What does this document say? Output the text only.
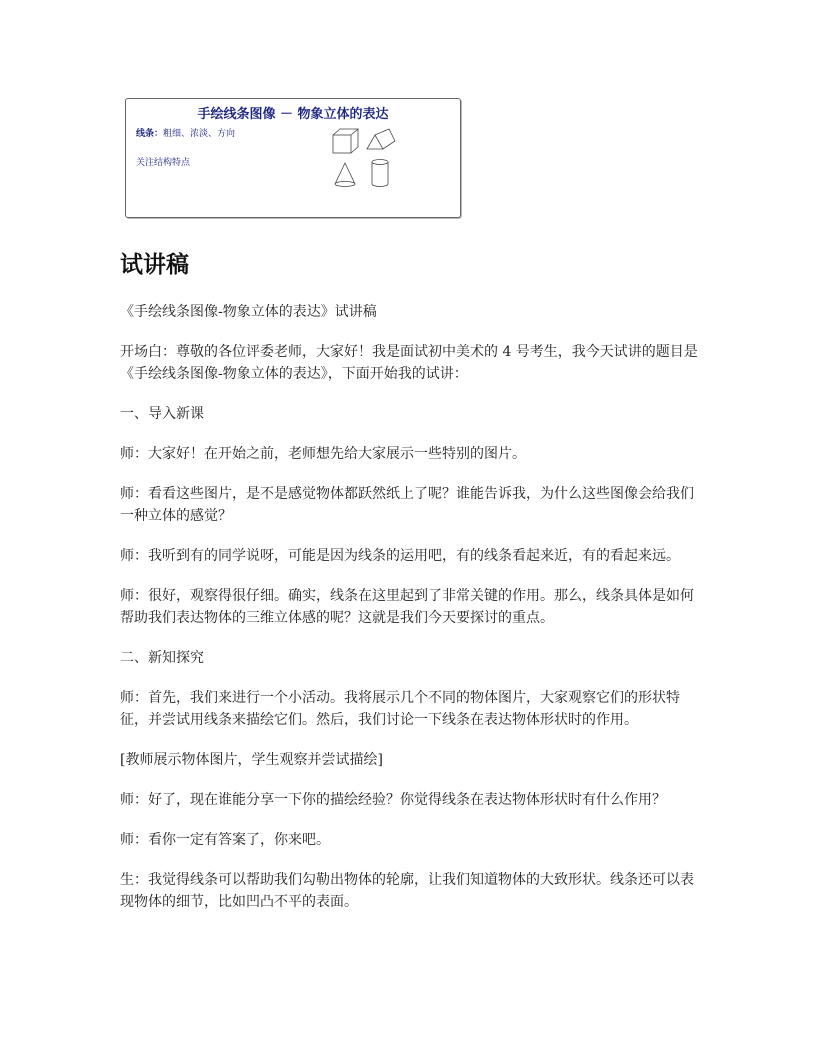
手绘线条图像 － 物象立体的表达
线条：粗细、浓淡、方向
关注结构特点
试讲稿

《手绘线条图像-物象立体的表达》试讲稿

开场白：尊敬的各位评委老师，大家好！我是面试初中美术的 4 号考生，我今天试讲的题目是《手绘线条图像-物象立体的表达》，下面开始我的试讲：

一、导入新课

师：大家好！在开始之前，老师想先给大家展示一些特别的图片。

师：看看这些图片，是不是感觉物体都跃然纸上了呢？谁能告诉我，为什么这些图像会给我们一种立体的感觉？

师：我听到有的同学说呀，可能是因为线条的运用吧，有的线条看起来近，有的看起来远。

师：很好，观察得很仔细。确实，线条在这里起到了非常关键的作用。那么，线条具体是如何帮助我们表达物体的三维立体感的呢？这就是我们今天要探讨的重点。

二、新知探究

师：首先，我们来进行一个小活动。我将展示几个不同的物体图片，大家观察它们的形状特征，并尝试用线条来描绘它们。然后，我们讨论一下线条在表达物体形状时的作用。

[教师展示物体图片，学生观察并尝试描绘]

师：好了，现在谁能分享一下你的描绘经验？你觉得线条在表达物体形状时有什么作用？

师：看你一定有答案了，你来吧。

生：我觉得线条可以帮助我们勾勒出物体的轮廓，让我们知道物体的大致形状。线条还可以表现物体的细节，比如凹凸不平的表面。
